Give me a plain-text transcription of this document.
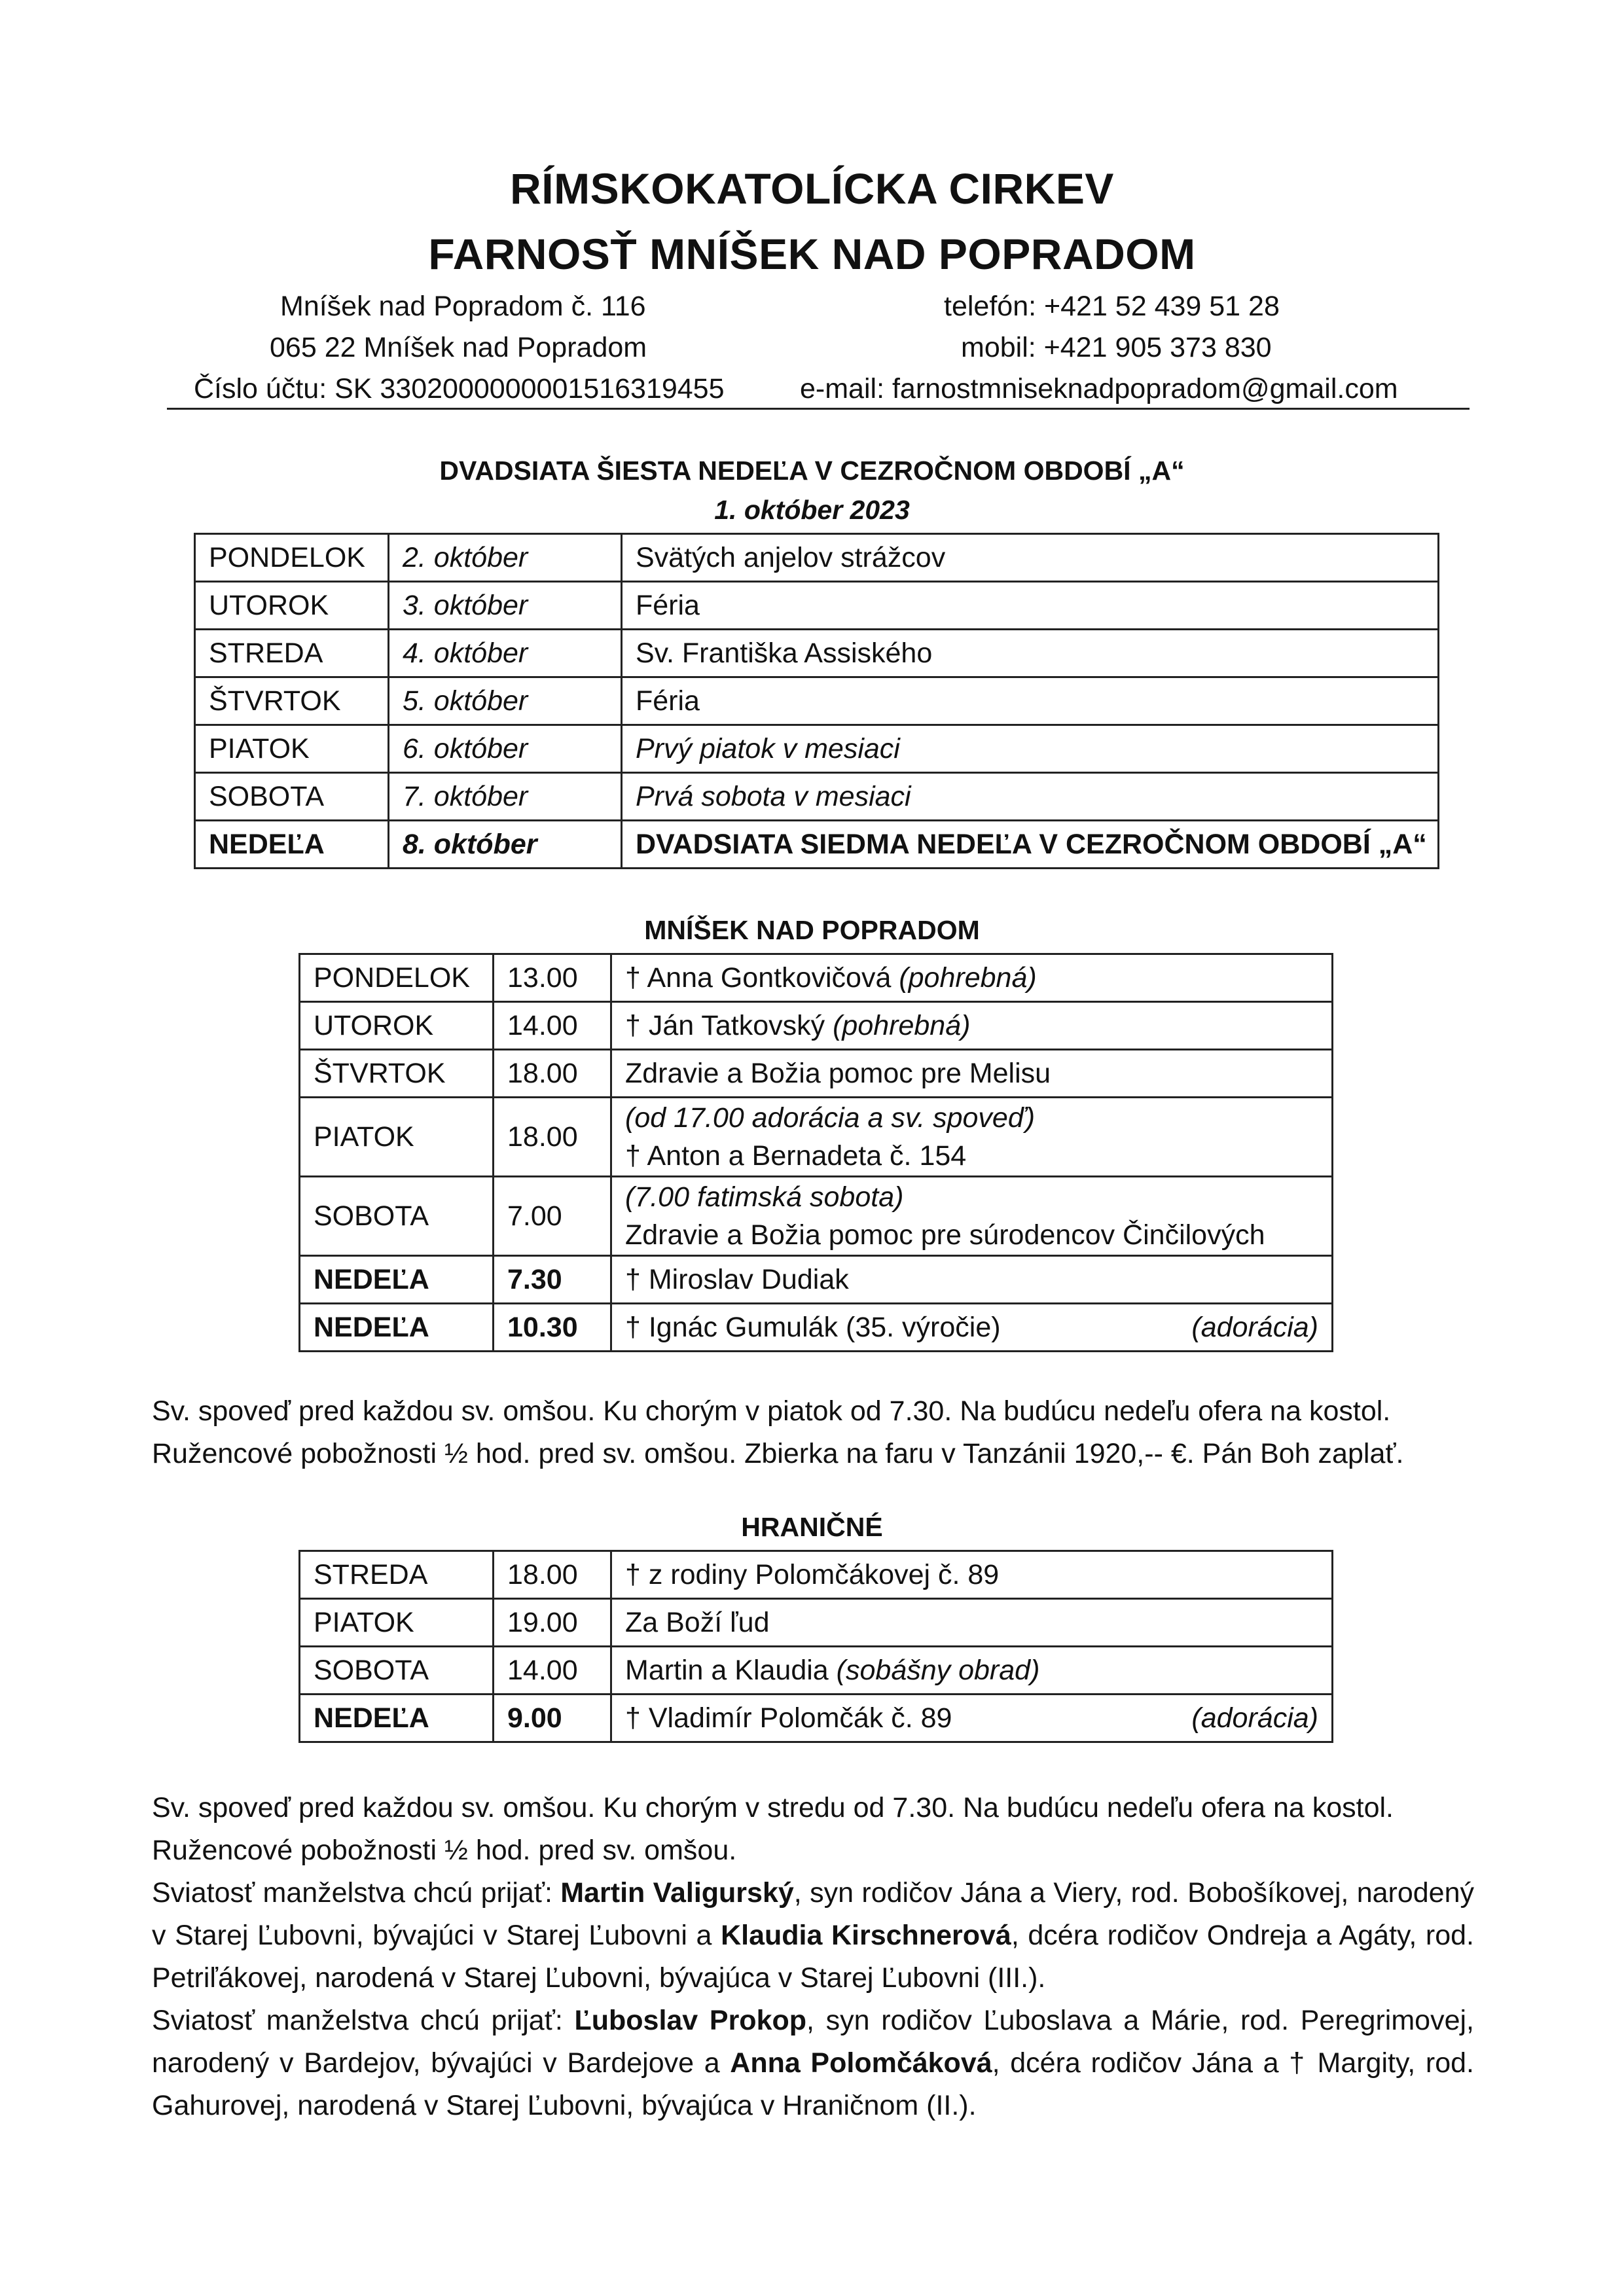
RÍMSKOKATOLÍCKA CIRKEV
FARNOSŤ MNÍŠEK NAD POPRADOM
Mníšek nad Popradom č. 116
065 22 Mníšek nad Popradom
Číslo účtu: SK 3302000000001516319455
telefón: +421 52 439 51 28
mobil: +421 905 373 830
e-mail: farnostmniseknadpopradom@gmail.com
DVADSIATA ŠIESTA NEDEĽA V CEZROČNOM OBDOBÍ „A“
1. október 2023
PONDELOK	2. október	Svätých anjelov strážcov
UTOROK	3. október	Féria
STREDA	4. október	Sv. Františka Assiského
ŠTVRTOK	5. október	Féria
PIATOK	6. október	Prvý piatok v mesiaci
SOBOTA	7. október	Prvá sobota v mesiaci
NEDEĽA	8. október	DVADSIATA SIEDMA NEDEĽA V CEZROČNOM OBDOBÍ „A“
MNÍŠEK NAD POPRADOM
PONDELOK	13.00	† Anna Gontkovičová (pohrebná)
UTOROK	14.00	† Ján Tatkovský (pohrebná)
ŠTVRTOK	18.00	Zdravie a Božia pomoc pre Melisu
PIATOK	18.00	(od 17.00 adorácia a sv. spoveď)
† Anton a Bernadeta č. 154

SOBOTA	7.00	(7.00 fatimská sobota)
Zdravie a Božia pomoc pre súrodencov Činčilových

NEDEĽA	7.30	† Miroslav Dudiak
NEDEĽA	10.30	† Ignác Gumulák (35. výročie) (adorácia)
Sv. spoveď pred každou sv. omšou. Ku chorým v piatok od 7.30. Na budúcu nedeľu ofera na kostol.
Ružencové pobožnosti ½ hod. pred sv. omšou. Zbierka na faru v Tanzánii 1920,-- €. Pán Boh zaplať.
HRANIČNÉ
STREDA	18.00	† z rodiny Polomčákovej č. 89
PIATOK	19.00	Za Boží ľud
SOBOTA	14.00	Martin a Klaudia (sobášny obrad)
NEDEĽA	9.00	† Vladimír Polomčák č. 89 (adorácia)
Sv. spoveď pred každou sv. omšou. Ku chorým v stredu od 7.30. Na budúcu nedeľu ofera na kostol.
Ružencové pobožnosti ½ hod. pred sv. omšou.
Sviatosť manželstva chcú prijať: Martin Valigurský, syn rodičov Jána a Viery, rod. Bobošíkovej, narodený v Starej Ľubovni, bývajúci v Starej Ľubovni a Klaudia Kirschnerová, dcéra rodičov Ondreja a Agáty, rod. Petriľákovej, narodená v Starej Ľubovni, bývajúca v Starej Ľubovni (III.).
Sviatosť manželstva chcú prijať: Ľuboslav Prokop, syn rodičov Ľuboslava a Márie, rod. Peregrimovej, narodený v Bardejov, bývajúci v Bardejove a Anna Polomčáková, dcéra rodičov Jána a † Margity, rod. Gahurovej, narodená v Starej Ľubovni, bývajúca v Hraničnom (II.).
